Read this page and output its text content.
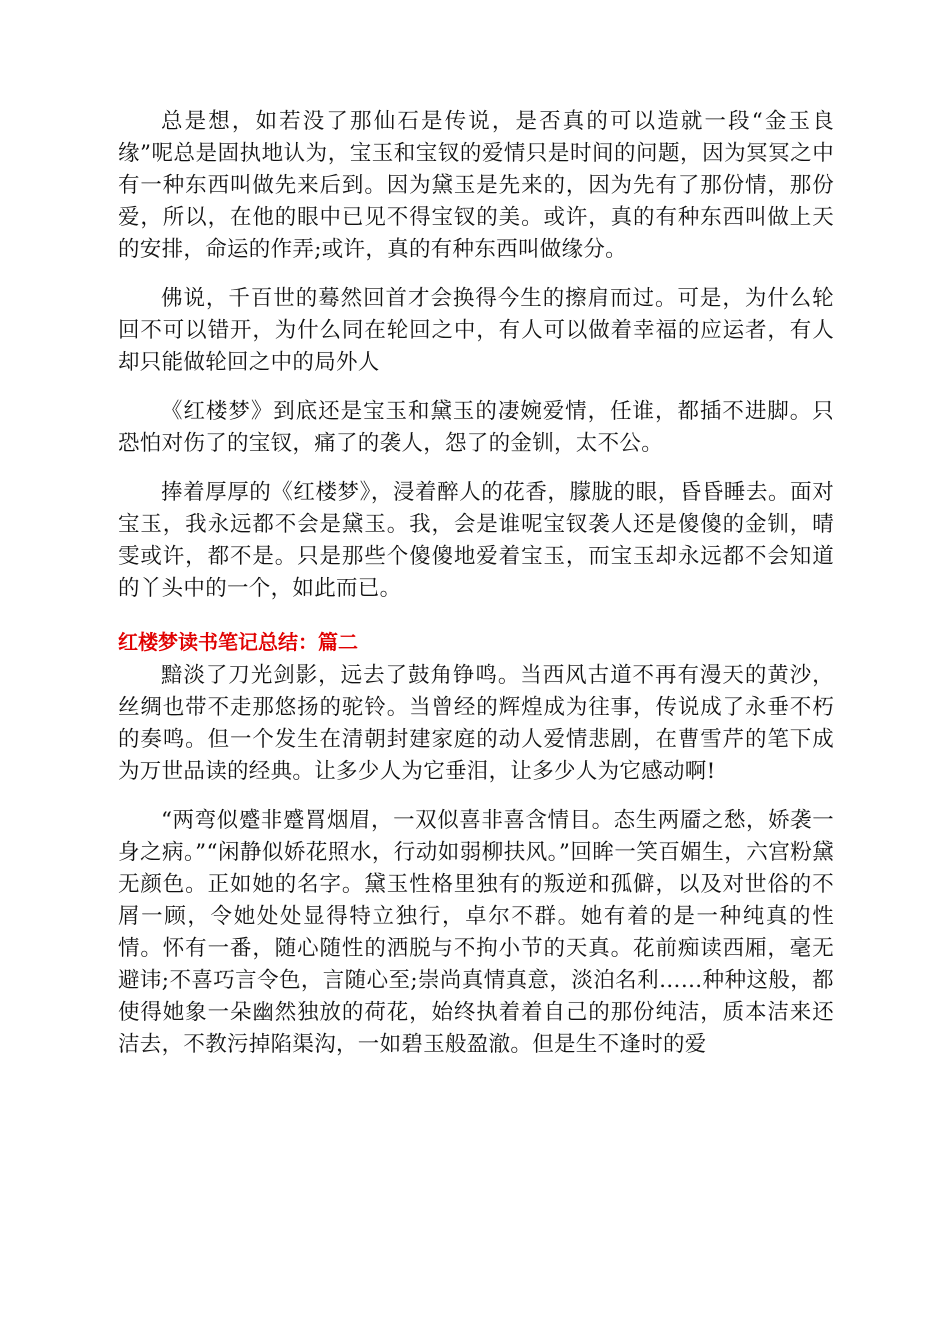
总是想，如若没了那仙石是传说，是否真的可以造就一段“金玉良缘”呢总是固执地认为，宝玉和宝钗的爱情只是时间的问题，因为冥冥之中有一种东西叫做先来后到。因为黛玉是先来的，因为先有了那份情，那份爱，所以，在他的眼中已见不得宝钗的美。或许，真的有种东西叫做上天的安排，命运的作弄;或许，真的有种东西叫做缘分。

佛说，千百世的蓦然回首才会换得今生的擦肩而过。可是，为什么轮回不可以错开，为什么同在轮回之中，有人可以做着幸福的应运者，有人却只能做轮回之中的局外人

《红楼梦》到底还是宝玉和黛玉的凄婉爱情，任谁，都插不进脚。只恐怕对伤了的宝钗，痛了的袭人，怨了的金钏，太不公。

捧着厚厚的《红楼梦》，浸着醉人的花香，朦胧的眼，昏昏睡去。面对宝玉，我永远都不会是黛玉。我，会是谁呢宝钗袭人还是傻傻的金钏，晴雯或许，都不是。只是那些个傻傻地爱着宝玉，而宝玉却永远都不会知道的丫头中的一个，如此而已。

红楼梦读书笔记总结：篇二

黯淡了刀光剑影，远去了鼓角铮鸣。当西风古道不再有漫天的黄沙，丝绸也带不走那悠扬的驼铃。当曾经的辉煌成为往事，传说成了永垂不朽的奏鸣。但一个发生在清朝封建家庭的动人爱情悲剧，在曹雪芹的笔下成为万世品读的经典。让多少人为它垂泪，让多少人为它感动啊!

“两弯似蹙非蹙罥烟眉，一双似喜非喜含情目。态生两靥之愁，娇袭一身之病。”“闲静似娇花照水，行动如弱柳扶风。”回眸一笑百媚生，六宫粉黛无颜色。正如她的名字。黛玉性格里独有的叛逆和孤僻，以及对世俗的不屑一顾，令她处处显得特立独行，卓尔不群。她有着的是一种纯真的性情。怀有一番，随心随性的洒脱与不拘小节的天真。花前痴读西厢，毫无避讳;不喜巧言令色，言随心至;崇尚真情真意，淡泊名利……种种这般，都使得她象一朵幽然独放的荷花，始终执着着自己的那份纯洁，质本洁来还洁去，不教污掉陷渠沟，一如碧玉般盈澈。但是生不逢时的爱
